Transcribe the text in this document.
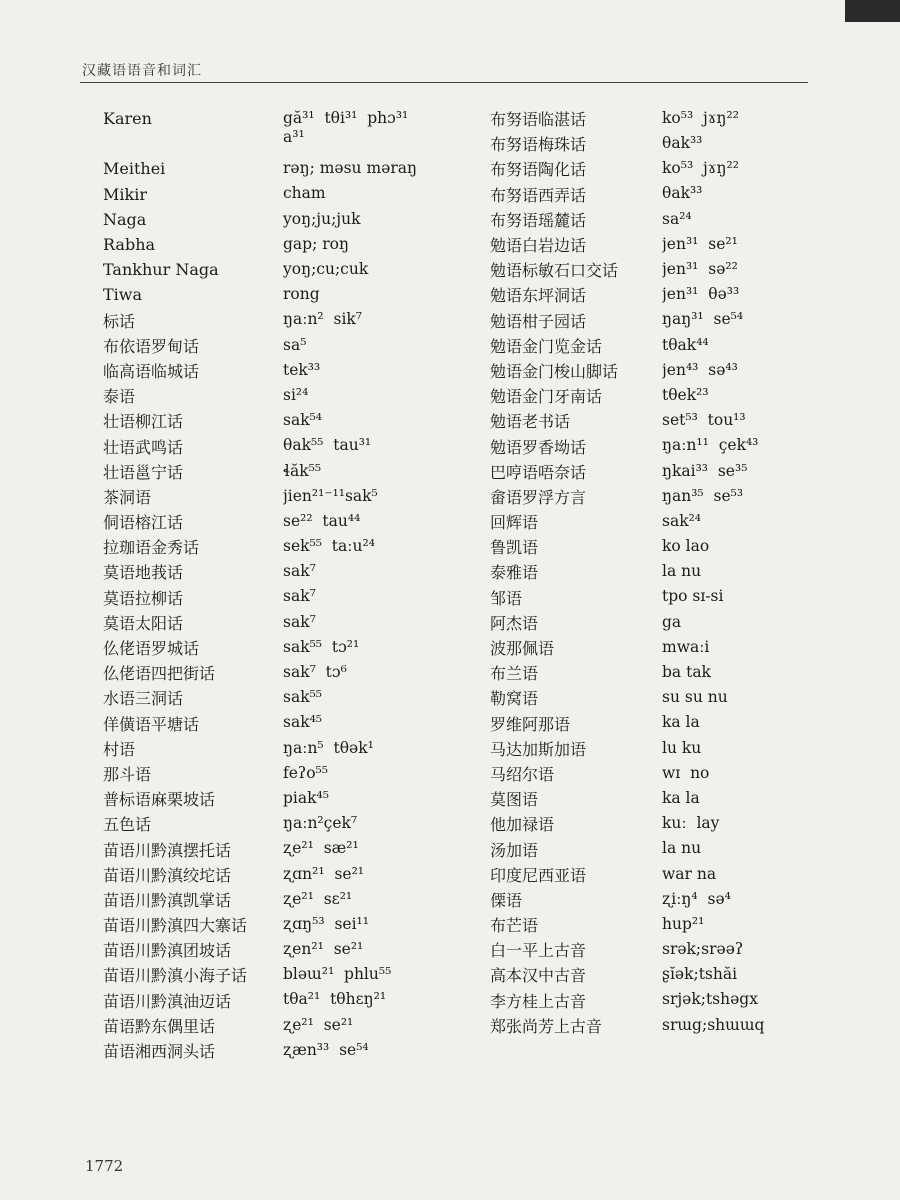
汉藏语语音和词汇
Karen	gă³¹  tθi³¹  phɔ³¹
a³¹
Meithei	rəŋ; məsu məraŋ
Mikir	cham
Naga	yoŋ;ju;juk
Rabha	gap; roŋ
Tankhur Naga	yoŋ;cu;cuk
Tiwa	rong
标话	ŋaːn²  sik⁷
布依语罗甸话	sa⁵
临高语临城话	tek³³
泰语	si²⁴
壮语柳江话	sak⁵⁴
壮语武鸣话	θak⁵⁵  tau³¹
壮语邕宁话	ɬăk⁵⁵
茶洞语	jien²¹⁻¹¹sak⁵
侗语榕江话	se²²  tau⁴⁴
拉珈语金秀话	sek⁵⁵  taːu²⁴
莫语地莪话	sak⁷
莫语拉柳话	sak⁷
莫语太阳话	sak⁷
仫佬语罗城话	sak⁵⁵  tɔ²¹
仫佬语四把街话	sak⁷  tɔ⁶
水语三洞话	sak⁵⁵
佯僙语平塘话	sak⁴⁵
村语	ŋaːn⁵  tθək¹
那斗语	feʔo⁵⁵
普标语麻栗坡话	piak⁴⁵
五色话	ŋaːn²çek⁷
苗语川黔滇摆托话	ʐe²¹  sæ²¹
苗语川黔滇绞坨话	ʐɑn²¹  se²¹
苗语川黔滇凯掌话	ʐe²¹  sɛ²¹
苗语川黔滇四大寨话	ʐɑŋ⁵³  sei¹¹
苗语川黔滇团坡话	ʐen²¹  se²¹
苗语川黔滇小海子话	bləɯ²¹  phlu⁵⁵
苗语川黔滇油迈话	tθa²¹  tθhɛŋ²¹
苗语黔东偶里话	ʐe²¹  se²¹
苗语湘西洞头话	ʐæn³³  se⁵⁴
布努语临湛话	ko⁵³  jɤŋ²²
布努语梅珠话	θak³³
布努语陶化话	ko⁵³  jɤŋ²²
布努语西弄话	θak³³
布努语瑶麓话	sa²⁴
勉语白岩边话	jen³¹  se²¹
勉语标敏石口交话	jen³¹  sə²²
勉语东坪洞话	jen³¹  θə³³
勉语柑子园话	ŋaŋ³¹  se⁵⁴
勉语金门览金话	tθak⁴⁴
勉语金门梭山脚话	jen⁴³  sə⁴³
勉语金门牙南话	tθek²³
勉语老书话	set⁵³  tou¹³
勉语罗香坳话	ŋaːn¹¹  çek⁴³
巴哼语唔奈话	ŋkai³³  se³⁵
畲语罗浮方言	ŋan³⁵  se⁵³
回辉语	sak²⁴
鲁凯语	ko lao
泰雅语	la nu
邹语	tpo sɪ-si
阿杰语	ga
波那佩语	mwaːi
布兰语	ba tak
勒窝语	su su nu
罗维阿那语	ka la
马达加斯加语	lu ku
马绍尔语	wɪ  no
莫图语	ka la
他加禄语	kuː  lay
汤加语	la nu
印度尼西亚语	war na
傈语	ʐiːŋ⁴  sə⁴
布芒语	hup²¹
白一平上古音	srək;srəəʔ
高本汉中古音	ʂĭək;tshăi
李方桂上古音	srjək;tshəgx
郑张尚芳上古音	srɯg;shɯɯq
1772
